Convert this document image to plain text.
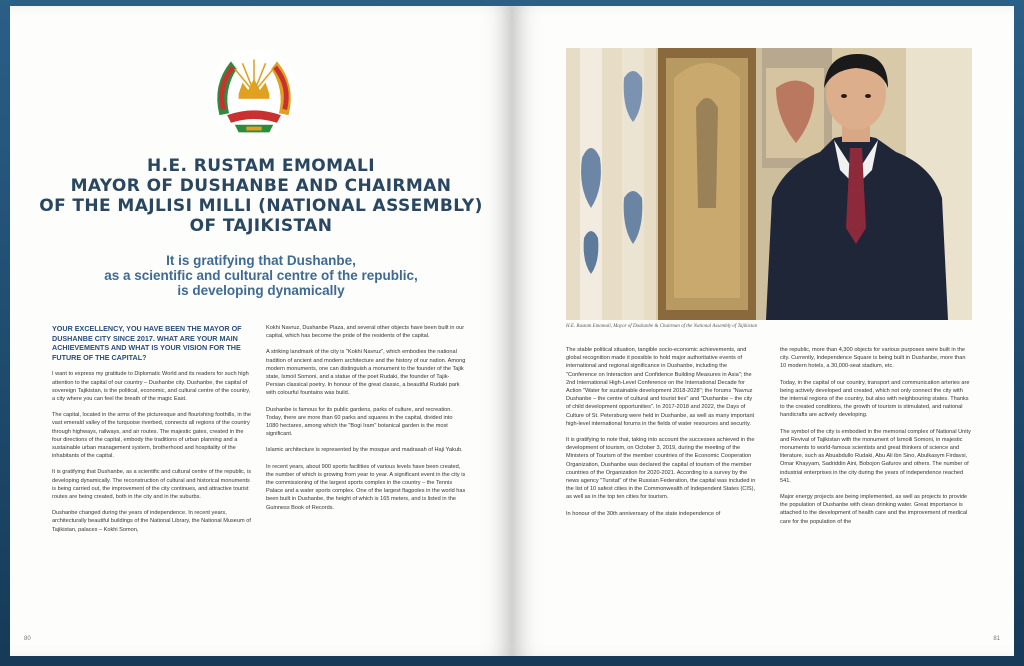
H.E. RUSTAM EMOMALI
MAYOR OF DUSHANBE AND CHAIRMAN
OF THE MAJLISI MILLI (NATIONAL ASSEMBLY)
OF TAJIKISTAN
It is gratifying that Dushanbe,
as a scientific and cultural centre of the republic,
is developing dynamically

YOUR EXCELLENCY, YOU HAVE BEEN THE MAYOR OF DUSHANBE CITY SINCE 2017. WHAT ARE YOUR MAIN ACHIEVEMENTS AND WHAT IS YOUR VISION FOR THE FUTURE OF THE CAPITAL?

I want to express my gratitude to Diplomatic World and its readers for such high attention to the capital of our country – Dushanbe city. Dushanbe, the capital of sovereign Tajikistan, is the political, economic, and cultural centre of the country, a city where you can feel the breath of the magic East.

The capital, located in the arms of the picturesque and flourishing foothills, in the vast emerald valley of the turquoise riverbed, connects all regions of the country through highways, railways, and air routes. The majestic gates, created in the four directions of the capital, embody the traditions of urban planning and a sustainable urban management system, brotherhood and hospitality of the inhabitants of the capital.

It is gratifying that Dushanbe, as a scientific and cultural centre of the republic, is developing dynamically. The reconstruction of cultural and historical monuments is being carried out, the improvement of the city continues, and attractive tourist routes are being created, both in the city and in the suburbs.

Dushanbe changed during the years of independence. In recent years, architecturally beautiful buildings of the National Library, the National Museum of Tajikistan, palaces – Kokhi Somon,

Kokhi Navruz, Dushanbe Plaza, and several other objects have been built in our capital, which has become the pride of the residents of the capital.

A striking landmark of the city is "Kokhi Navruz", which embodies the national tradition of ancient and modern architecture and the history of our nation. Among modern monuments, one can distinguish a monument to the founder of the Tajik state, Ismoil Somoni, and a statue of the poet Rudaki, the founder of Tajik-Persian classical poetry. In honour of the great classic, a beautiful Rudaki park with colourful fountains was build.

Dushanbe is famous for its public gardens, parks of culture, and recreation. Today, there are more than 60 parks and squares in the capital, divided into 1080 hectares, among which the "Bogi Iram" botanical garden is the most significant.

Islamic architecture is represented by the mosque and madrasah of Haji Yakub.

In recent years, about 900 sports facilities of various levels have been created, the number of which is growing from year to year. A significant event in the city is the commissioning of the largest sports complex in the country – the Tennis Palace and a water sports complex. One of the largest flagpoles in the world has been built in Dushanbe, the height of which is 165 meters, and is listed in the Guinness Book of Records.

80
H.E. Rustam Emomali, Mayor of Dushanbe & Chairman of the National Assembly of Tajikistan

The stable political situation, tangible socio-economic achievements, and global recognition made it possible to hold major authoritative events of international and regional significance in Dushanbe, including the "Conference on Interaction and Confidence Building Measures in Asia"; the 2nd International High-Level Conference on the International Decade for Action "Water for sustainable development 2018-2028"; the forums "Navruz Dushanbe – the centre of cultural and tourist ties" and "Dushanbe – the city of child development opportunities". In 2017-2018 and 2022, the Days of Culture of St. Petersburg were held in Dushanbe, as well as many important high-level international forums in the fields of water resources and security.

It is gratifying to note that, taking into account the successes achieved in the development of tourism, on October 3, 2019, during the meeting of the Ministers of Tourism of the member countries of the Economic Cooperation Organization, Dushanbe was declared the capital of tourism of the member countries of the Organization for 2020-2021. According to a survey by the news agency "Turstat" of the Russian Federation, the capital was included in the list of 10 safest cities in the Commonwealth of Independent States (CIS), as well as in the top ten cities for tourism.

In honour of the 30th anniversary of the state independence of

the republic, more than 4,300 objects for various purposes were built in the city. Currently, Independence Square is being built in Dushanbe, more than 10 modern hotels, a 30,000-seat stadium, etc.

Today, in the capital of our country, transport and communication arteries are being actively developed and created, which not only connect the city with the internal regions of the country, but also with neighbouring states. Thanks to the created conditions, the growth of tourism is stimulated, and national handicrafts are actively developing.

The symbol of the city is embodied in the memorial complex of National Unity and Revival of Tajikistan with the monument of Ismoili Somoni, in majestic monuments to world-famous scientists and great thinkers of science and literature, such as Abuabdullo Rudaki, Abu Ali ibn Sino, Abulkasym Firdavsi, Omar Khayyam, Sadriddin Aini, Bobojon Gafurov and others. The number of industrial enterprises in the city during the years of independence reached 541.

Major energy projects are being implemented, as well as projects to provide the population of Dushanbe with clean drinking water. Great importance is attached to the development of health care and the improvement of medical care for the population of the

81
